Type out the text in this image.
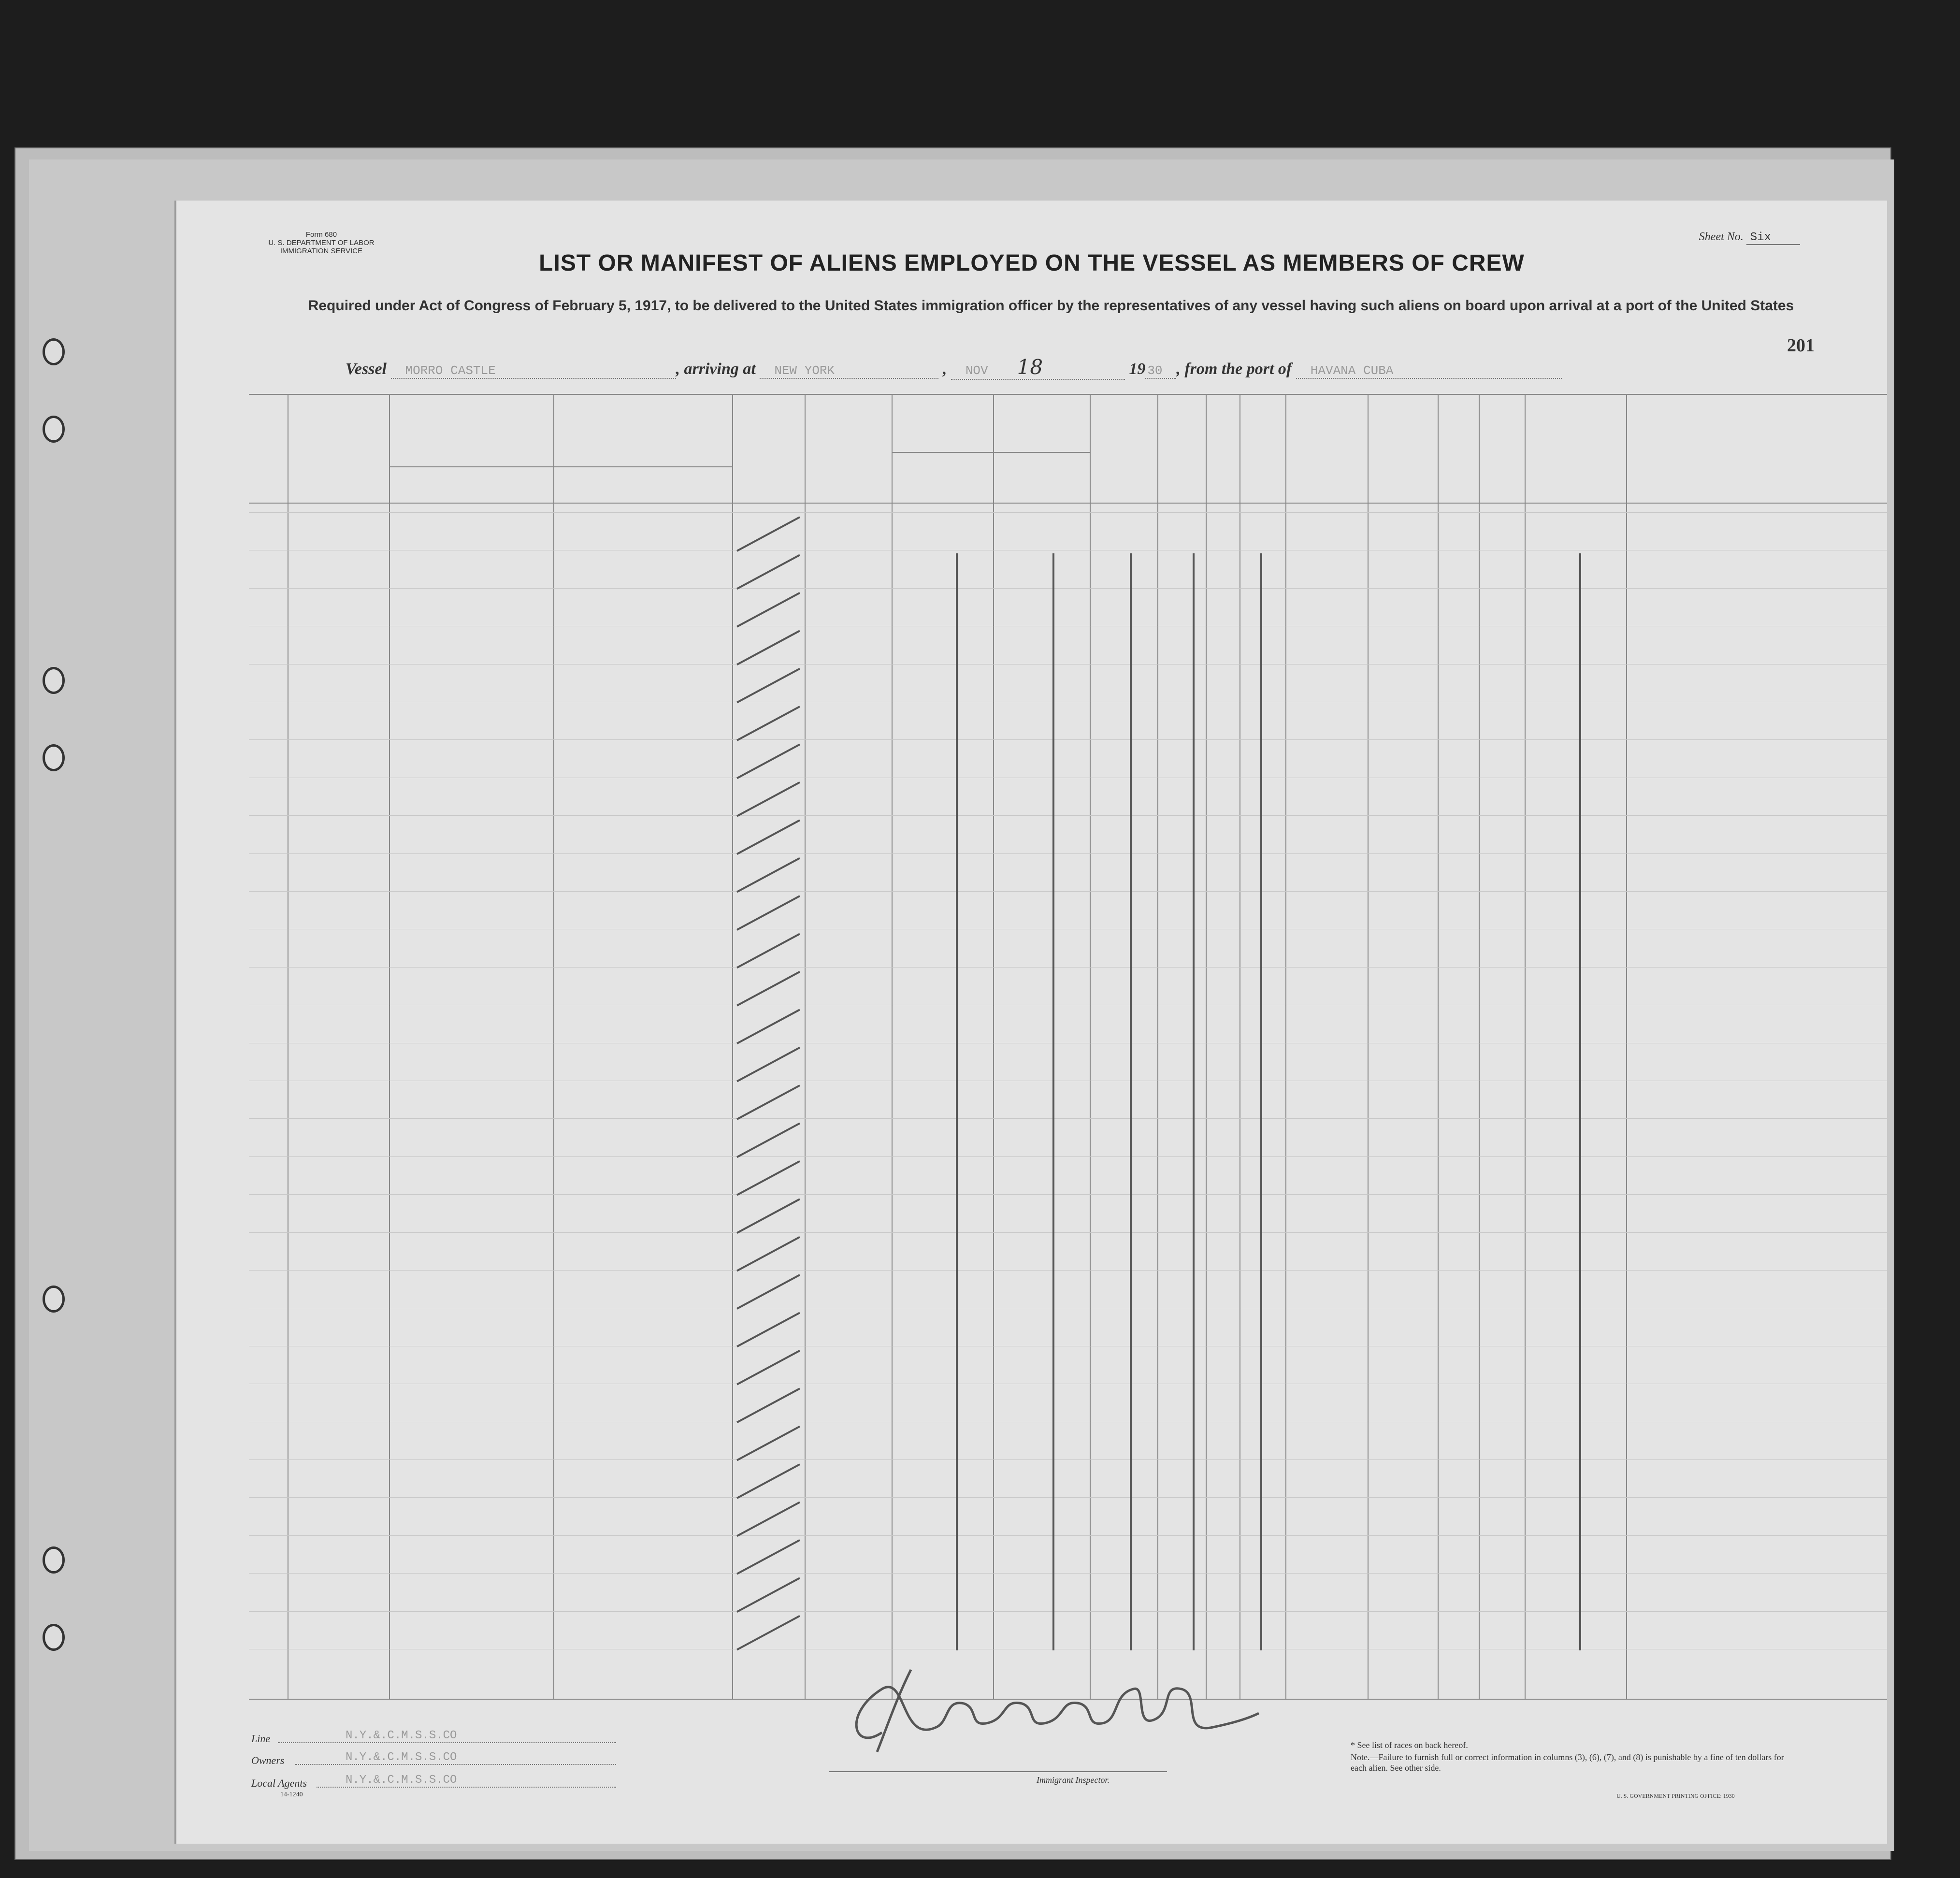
Form 680
U. S. DEPARTMENT OF LABOR
IMMIGRATION SERVICE
Sheet No. Six
LIST OR MANIFEST OF ALIENS EMPLOYED ON THE VESSEL AS MEMBERS OF CREW
Required under Act of Congress of February 5, 1917, to be delivered to the United States immigration officer by the representatives of any vessel having such aliens on board upon arrival at a port of the United States
201
Vessel MORRO CASTLE	, arriving at NEW YORK	, NOV 18	19 30 , from the port of HAVANA CUBA
Line	N.Y.&.C.M.S.S.CO
Owners	N.Y.&.C.M.S.S.CO
Local Agents	N.Y.&.C.M.S.S.CO
14-1240
Immigrant Inspector.
* See list of races on back hereof.
Note.—Failure to furnish full or correct information in columns (3), (6), (7), and (8) is punishable by a fine of ten dollars for each alien. See other side.
U. S. GOVERNMENT PRINTING OFFICE: 1930
